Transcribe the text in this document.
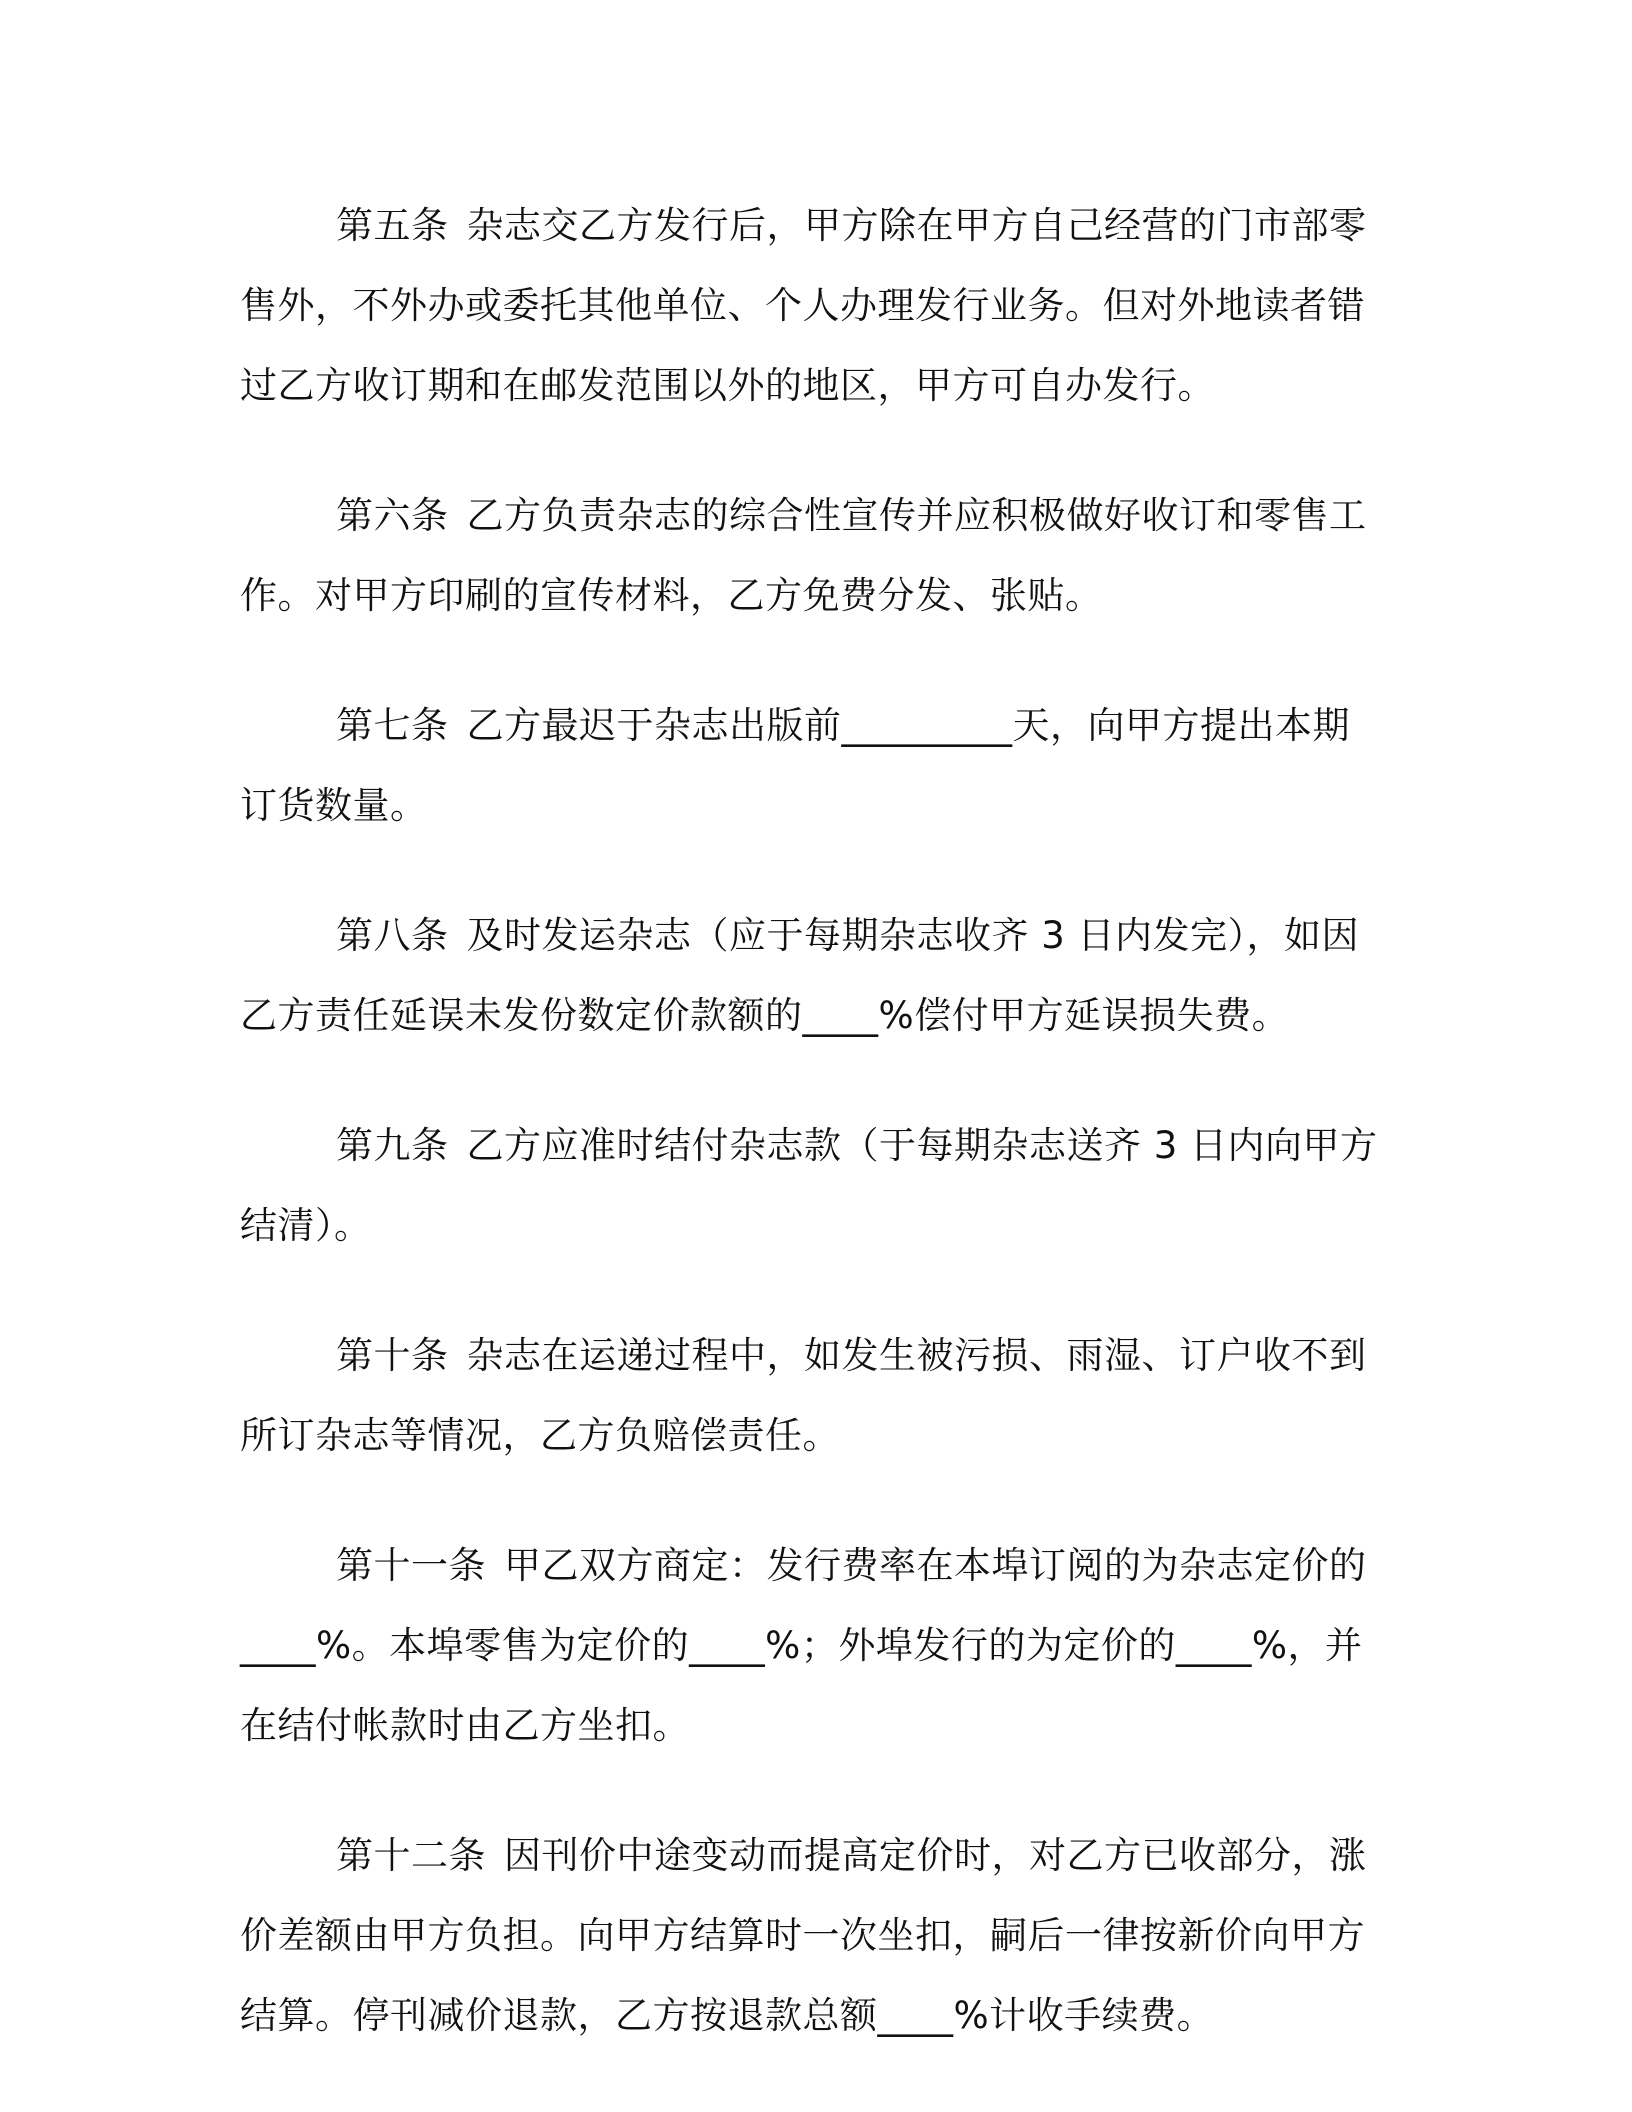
第五条 杂志交乙方发行后，甲方除在甲方自己经营的门市部零售外，不外办或委托其他单位、个人办理发行业务。但对外地读者错过乙方收订期和在邮发范围以外的地区，甲方可自办发行。

第六条 乙方负责杂志的综合性宣传并应积极做好收订和零售工作。对甲方印刷的宣传材料，乙方免费分发、张贴。

第七条 乙方最迟于杂志出版前_________天，向甲方提出本期订货数量。

第八条 及时发运杂志（应于每期杂志收齐 3 日内发完），如因乙方责任延误未发份数定价款额的____%偿付甲方延误损失费。

第九条 乙方应准时结付杂志款（于每期杂志送齐 3 日内向甲方结清）。

第十条 杂志在运递过程中，如发生被污损、雨湿、订户收不到所订杂志等情况，乙方负赔偿责任。

第十一条 甲乙双方商定：发行费率在本埠订阅的为杂志定价的____%。本埠零售为定价的____%；外埠发行的为定价的____%，并在结付帐款时由乙方坐扣。

第十二条 因刊价中途变动而提高定价时，对乙方已收部分，涨价差额由甲方负担。向甲方结算时一次坐扣，嗣后一律按新价向甲方结算。停刊减价退款，乙方按退款总额____%计收手续费。
